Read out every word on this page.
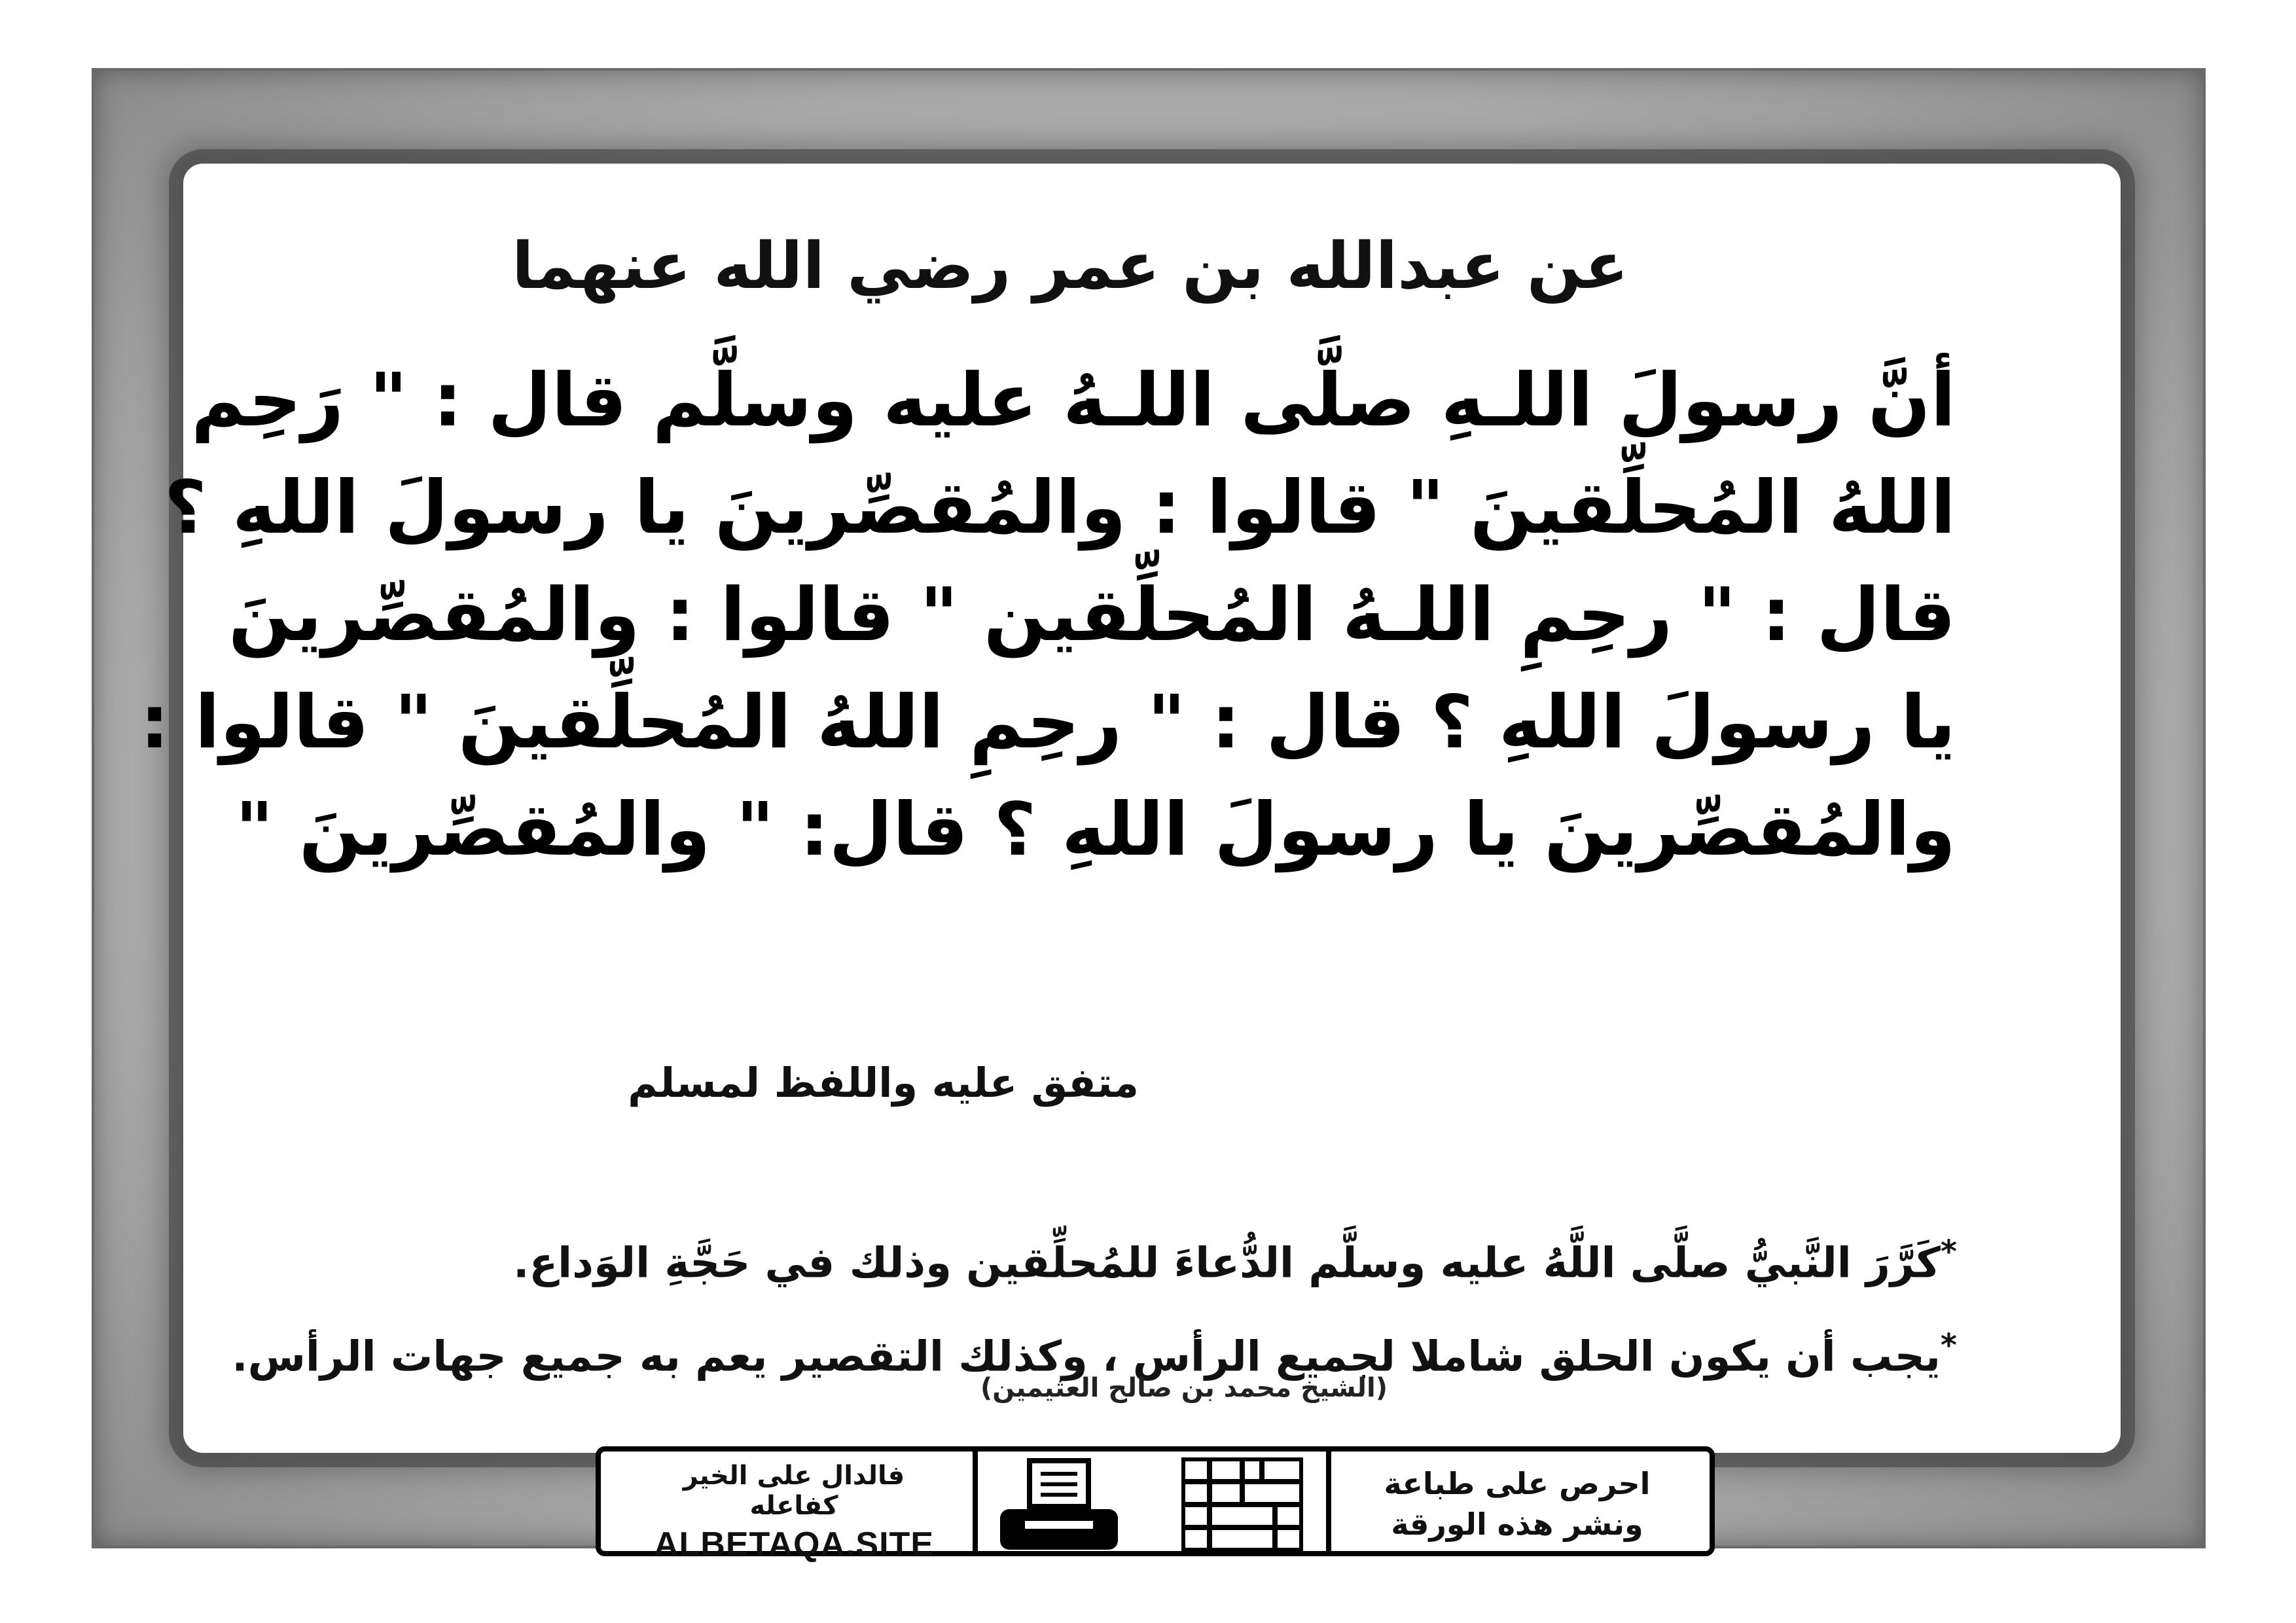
عن عبدالله بن عمر رضي الله عنهما
أنَّ رسولَ اللـهِ صلَّى اللـهُ عليه وسلَّم قال : " رَحِم
اللهُ المُحلِّقينَ " قالوا : والمُقصِّرينَ يا رسولَ اللهِ ؟
قال : " رحِمِ اللـهُ المُحلِّقين " قالوا : والمُقصِّرينَ
يا رسولَ اللهِ ؟ قال : " رحِمِ اللهُ المُحلِّقينَ " قالوا :
والمُقصِّرينَ يا رسولَ اللهِ ؟ قال: " والمُقصِّرينَ "
متفق عليه واللفظ لمسلم
*كَرَّرَ النَّبيُّ صلَّى اللَّهُ عليه وسلَّم الدُّعاءَ للمُحلِّقين وذلك في حَجَّةِ الوَداع.
*يجب أن يكون الحلق شاملا لجميع الرأس ، وكذلك التقصير يعم به جميع جهات الرأس.
(الشيخ محمد بن صالح العثيمين)
فالدال على الخير كفاعله
ALBETAQA.SITE
احرص على طباعة
ونشر هذه الورقة
